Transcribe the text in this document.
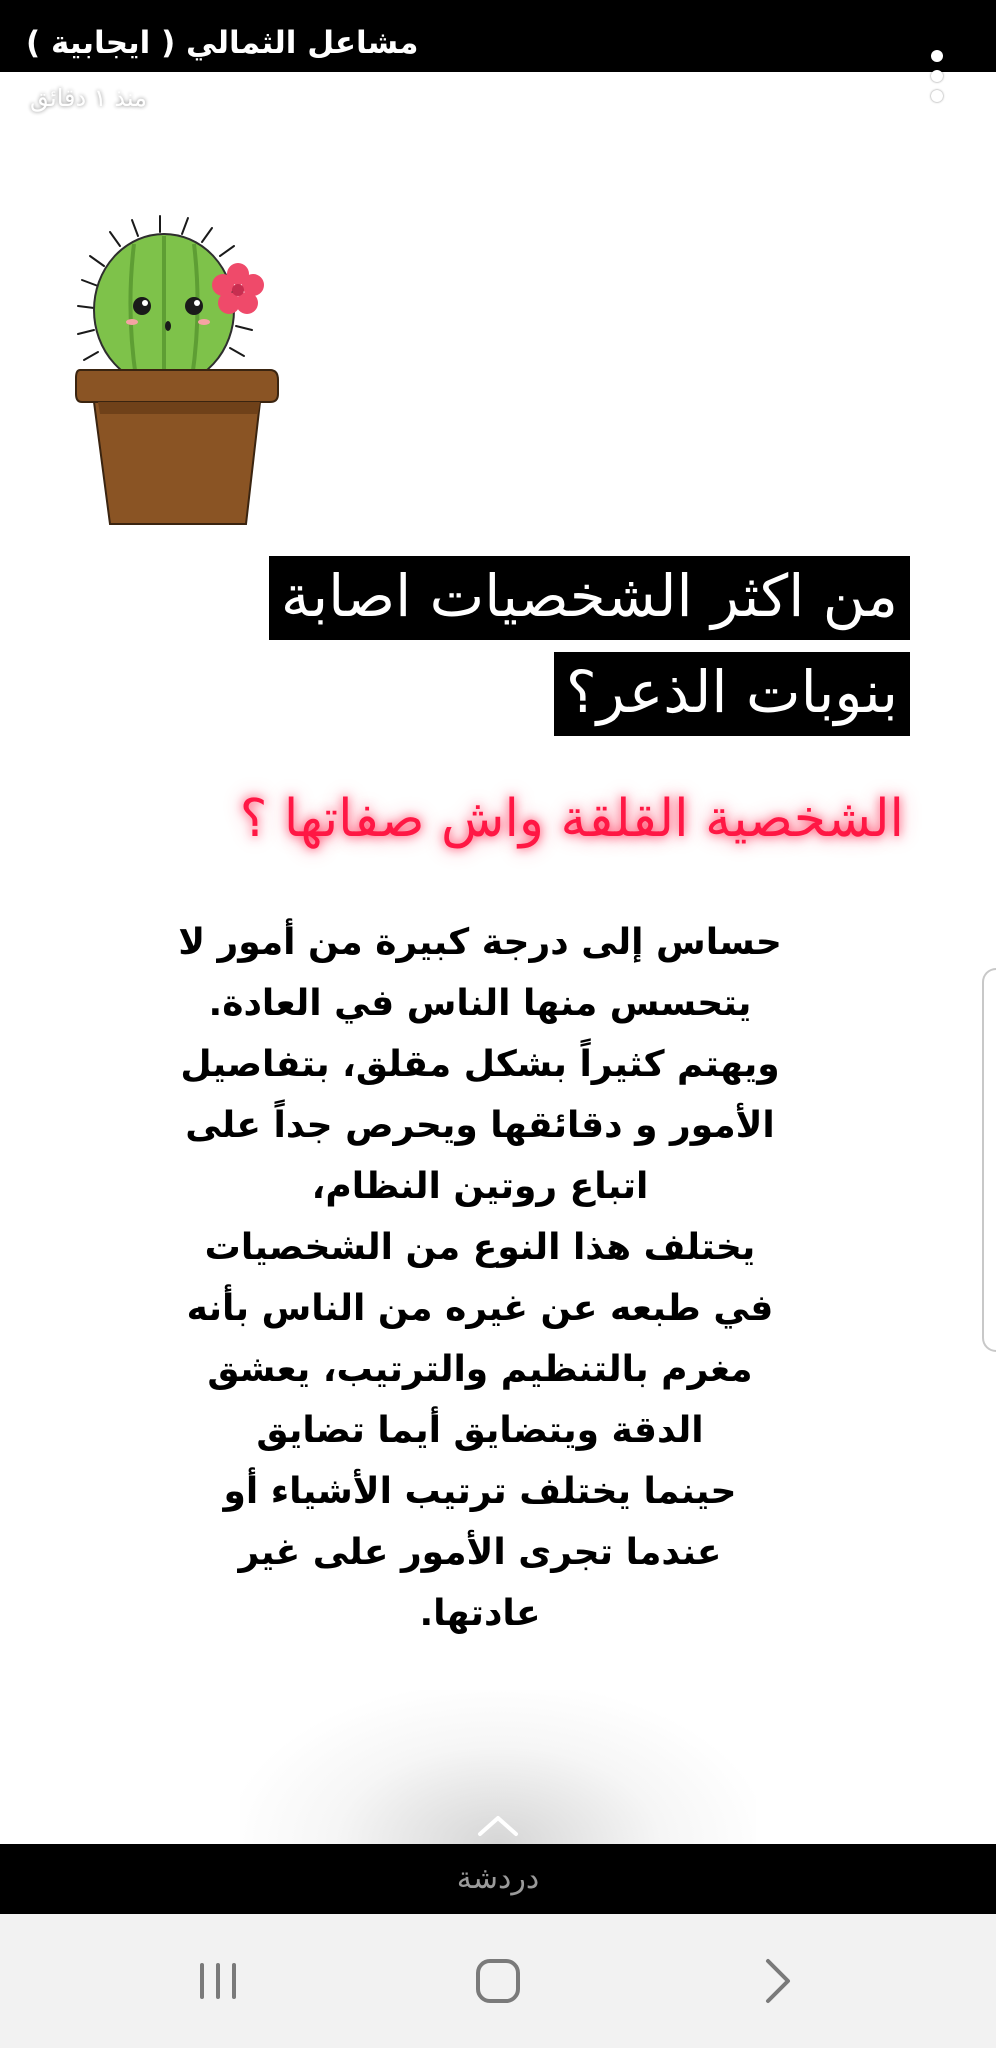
مشاعل الثمالي ( ايجابية )
منذ ١ دقائق
من اكثر الشخصيات اصابة
بنوبات الذعر؟
الشخصية القلقة واش صفاتها ؟
حساس إلى درجة كبيرة من أمور لا
يتحسس منها الناس في العادة.
ويهتم كثيراً بشكل مقلق، بتفاصيل
الأمور و دقائقها ويحرص جداً على
اتباع روتين النظام،
يختلف هذا النوع من الشخصيات
في طبعه عن غيره من الناس بأنه
مغرم بالتنظيم والترتيب، يعشق
الدقة ويتضايق أيما تضايق
حينما يختلف ترتيب الأشياء أو
عندما تجرى الأمور على غير
عادتها.
دردشة
